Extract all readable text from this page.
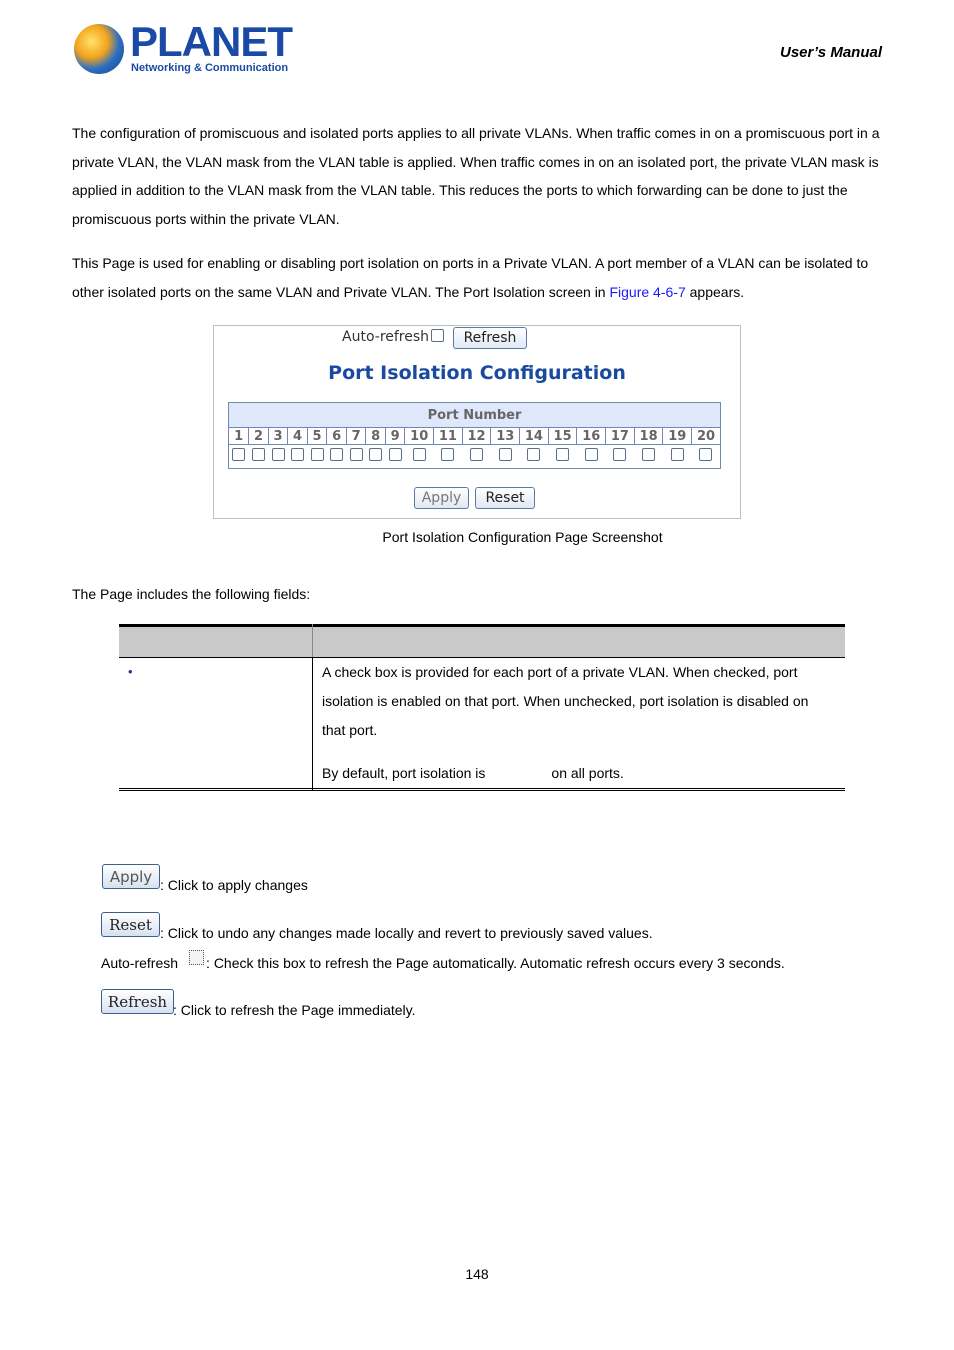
PLANET
Networking & Communication
User’s Manual

The configuration of promiscuous and isolated ports applies to all private VLANs. When traffic comes in on a promiscuous port in a private VLAN, the VLAN mask from the VLAN table is applied. When traffic comes in on an isolated port, the private VLAN mask is applied in addition to the VLAN mask from the VLAN table. This reduces the ports to which forwarding can be done to just the promiscuous ports within the private VLAN.

This Page is used for enabling or disabling port isolation on ports in a Private VLAN. A port member of a VLAN can be isolated to other isolated ports on the same VLAN and Private VLAN. The Port Isolation screen in Figure 4-6-7 appears.

Auto-refresh	Refresh
Port Isolation Configuration
Port Number																			
1	2	3	4	5	6	7	8	9	10	11	12	13	14	15	16	17	18	19	20

Apply	Reset
Port Isolation Configuration Page Screenshot
The Page includes the following fields:
•	A check box is provided for each port of a private VLAN. When checked, port isolation is enabled on that port. When unchecked, port isolation is disabled on that port.
By default, port isolation is	on all ports.
Apply : Click to apply changes
Reset : Click to undo any changes made locally and revert to previously saved values.
Auto-refresh : Check this box to refresh the Page automatically. Automatic refresh occurs every 3 seconds.
Refresh : Click to refresh the Page immediately.
148
